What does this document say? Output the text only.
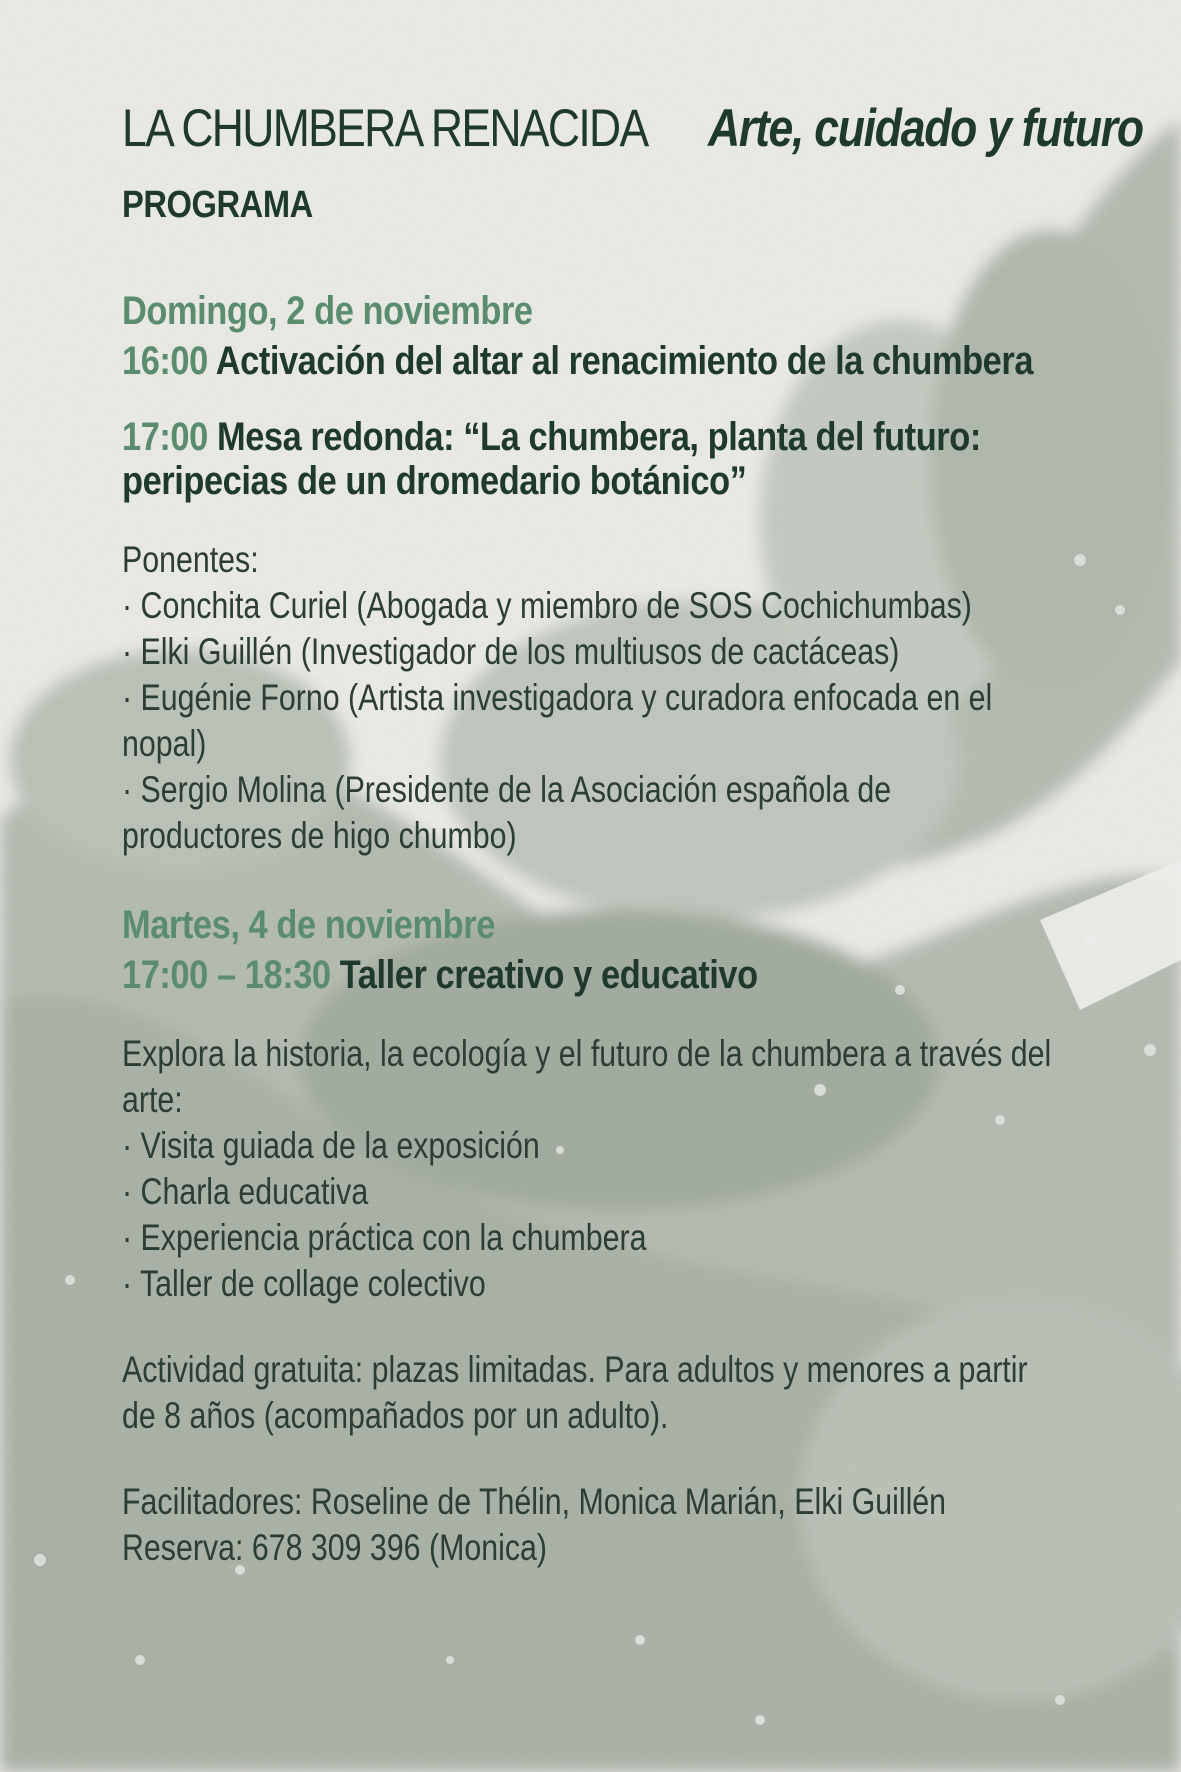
LA CHUMBERA RENACIDA Arte, cuidado y futuro
PROGRAMA
Domingo, 2 de noviembre
16:00 Activación del altar al renacimiento de la chumbera
17:00 Mesa redonda: “La chumbera, planta del futuro: peripecias de un dromedario botánico”
Ponentes:
· Conchita Curiel (Abogada y miembro de SOS Cochichumbas)
· Elki Guillén (Investigador de los multiusos de cactáceas)
· Eugénie Forno (Artista investigadora y curadora enfocada en el nopal)
· Sergio Molina (Presidente de la Asociación española de productores de higo chumbo)
Martes, 4 de noviembre
17:00 – 18:30 Taller creativo y educativo
Explora la historia, la ecología y el futuro de la chumbera a través del arte:
· Visita guiada de la exposición
· Charla educativa
· Experiencia práctica con la chumbera
· Taller de collage colectivo
Actividad gratuita: plazas limitadas. Para adultos y menores a partir de 8 años (acompañados por un adulto).
Facilitadores: Roseline de Thélin, Monica Marián, Elki Guillén
Reserva: 678 309 396 (Monica)
